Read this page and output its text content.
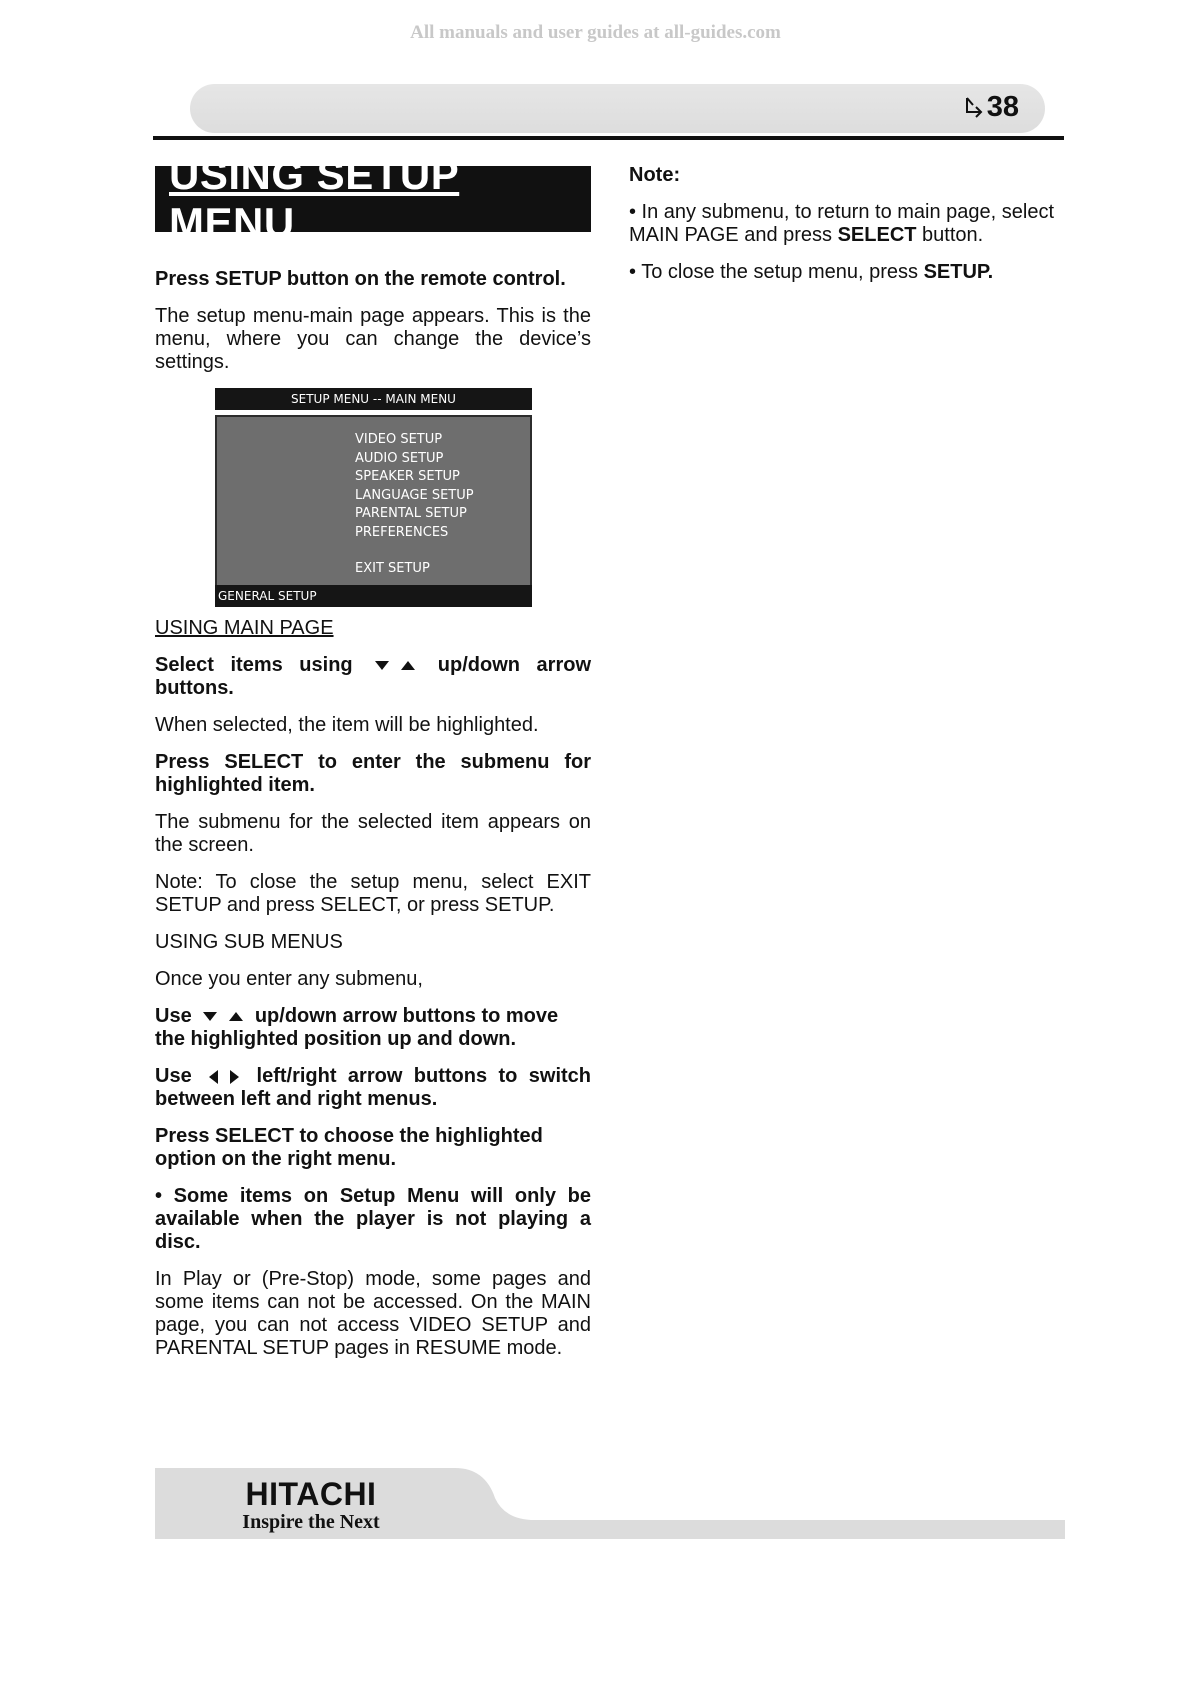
All manuals and user guides at all-guides.com
38
USING SETUP MENU

Press SETUP button on the remote control.

The setup menu-main page appears. This is the menu, where you can change the device’s settings.

SETUP MENU -- MAIN MENU
VIDEO SETUP
AUDIO SETUP
SPEAKER SETUP
LANGUAGE SETUP
PARENTAL SETUP
PREFERENCES
EXIT SETUP
GENERAL SETUP

USING MAIN PAGE

Select items using	up/down arrow buttons.

When selected, the item will be highlighted.

Press SELECT to enter the submenu for highlighted item.

The submenu for the selected item appears on the screen.

Note: To close the setup menu, select EXIT SETUP and press SELECT, or press SETUP.

USING SUB MENUS

Once you enter any submenu,

Use	up/down arrow buttons to move the highlighted position up and down.

Use	left/right arrow buttons to switch between left and right menus.

Press SELECT to choose the highlighted option on the right menu.

• Some items on Setup Menu will only be available when the player is not playing a disc.

In Play or (Pre-Stop) mode, some pages and some items can not be accessed. On the MAIN page, you can not access VIDEO SETUP and PARENTAL SETUP pages in RESUME mode.

Note:

• In any submenu, to return to main page, select MAIN PAGE and press SELECT button.

• To close the setup menu, press SETUP.

HITACHI
Inspire the Next
